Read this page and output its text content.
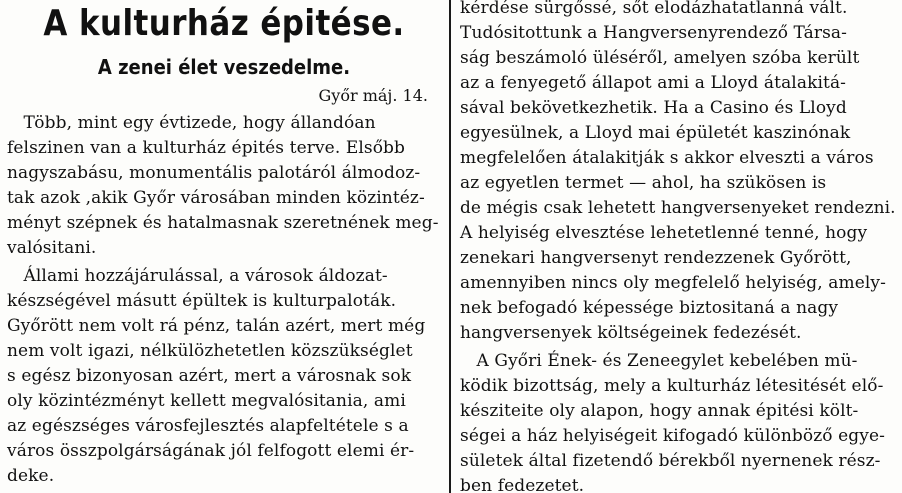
A kulturház épitése.
A zenei élet veszedelme.
Győr máj. 14.
Több, mint egy évtizede, hogy állandóan
felszinen van a kulturház épités terve. Elsőbb
nagyszabásu, monumentális palotáról álmodoz-
tak azok ,akik Győr városában minden közintéz-
ményt szépnek és hatalmasnak szeretnének meg-
valósitani.
Állami hozzájárulással, a városok áldozat-
készségével másutt épültek is kulturpaloták.
Győrött nem volt rá pénz, talán azért, mert még
nem volt igazi, nélkülözhetetlen közszükséglet
s egész bizonyosan azért, mert a városnak sok
oly közintézményt kellett megvalósitania, ami
az egészséges városfejlesztés alapfeltétele s a
város összpolgárságának jól felfogott elemi ér-
deke.
kérdése sürgőssé, sőt elodázhatatlanná vált.
Tudósitottunk a Hangversenyrendező Társa-
ság beszámoló üléséről, amelyen szóba került
az a fenyegető állapot ami a Lloyd átalakitá-
sával bekövetkezhetik. Ha a Casino és Lloyd
egyesülnek, a Lloyd mai épületét kaszinónak
megfelelően átalakitják s akkor elveszti a város
az egyetlen termet — ahol, ha szükösen is
de mégis csak lehetett hangversenyeket rendezni.
A helyiség elvesztése lehetetlenné tenné, hogy
zenekari hangversenyt rendezzenek Győrött,
amennyiben nincs oly megfelelő helyiség, amely-
nek befogadó képessége biztositaná a nagy
hangversenyek költségeinek fedezését.
A Győri Ének- és Zeneegylet kebelében mü-
ködik bizottság, mely a kulturház létesitését elő-
késziteite oly alapon, hogy annak épitési költ-
ségei a ház helyiségeit kifogadó különböző egye-
sületek által fizetendő bérekből nyernenek rész-
ben fedezetet.
